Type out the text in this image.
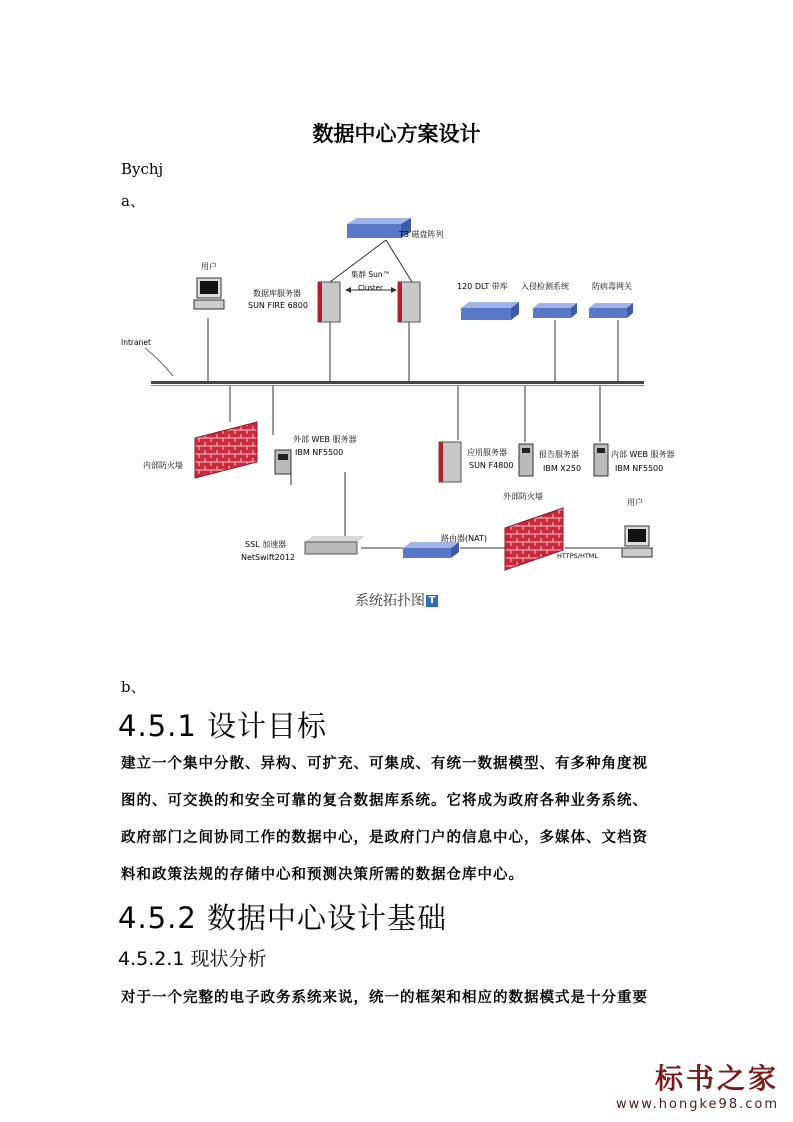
数据中心方案设计
Bychj
a、
T3 磁盘阵列
用户
数据库服务器
SUN FIRE 6800
集群 Sun™
Cluster	120 DLT 带库 入侵检测系统	防病毒网关
Intranet
内部防火墙
外部 WEB 服务器
IBM NF5500	应用服务器
SUN F4800
报告服务器
IBM X250
内部 WEB 服务器
IBM NF5500
外部防火墙
用户
SSL 加速器
NetSwift2012
路由器(NAT)
HTTPS/HTML
系统拓扑图 T
b、
4.5.1 设计目标
建立一个集中分散、异构、可扩充、可集成、有统一数据模型、有多种角度视
图的、可交换的和安全可靠的复合数据库系统。它将成为政府各种业务系统、
政府部门之间协同工作的数据中心，是政府门户的信息中心，多媒体、文档资
料和政策法规的存储中心和预测决策所需的数据仓库中心。
4.5.2 数据中心设计基础
4.5.2.1 现状分析
对于一个完整的电子政务系统来说，统一的框架和相应的数据模式是十分重要
标书之家
www.hongke98.com
